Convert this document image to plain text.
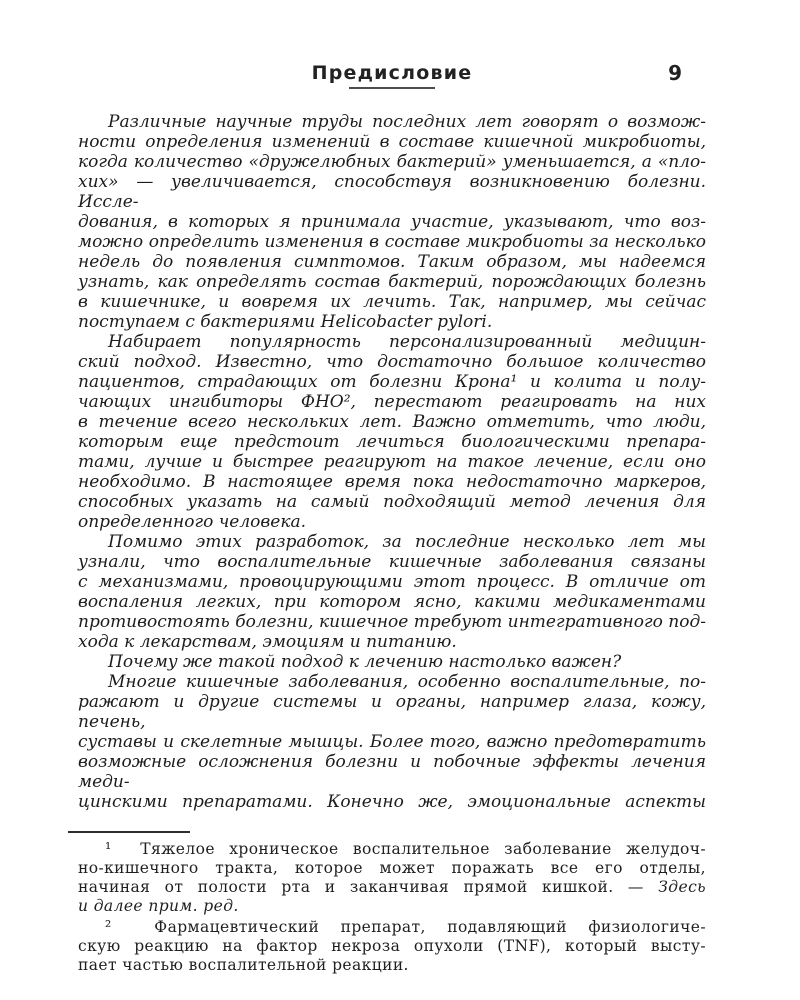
Предисловие	9
Различные научные труды последних лет говорят о возмож-
ности определения изменений в составе кишечной микробиоты,
когда количество «дружелюбных бактерий» уменьшается, а «пло-
хих» — увеличивается, способствуя возникновению болезни. Иссле-
дования, в которых я принимала участие, указывают, что воз-
можно определить изменения в составе микробиоты за несколько
недель до появления симптомов. Таким образом, мы надеемся
узнать, как определять состав бактерий, порождающих болезнь
в кишечнике, и вовремя их лечить. Так, например, мы сейчас
поступаем с бактериями Helicobacter pylori.
Набирает популярность персонализированный медицин-
ский подход. Известно, что достаточно большое количество
пациентов, страдающих от болезни Крона¹ и колита и полу-
чающих ингибиторы ФНО², перестают реагировать на них
в течение всего нескольких лет. Важно отметить, что люди,
которым еще предстоит лечиться биологическими препара-
тами, лучше и быстрее реагируют на такое лечение, если оно
необходимо. В настоящее время пока недостаточно маркеров,
способных указать на самый подходящий метод лечения для
определенного человека.
Помимо этих разработок, за последние несколько лет мы
узнали, что воспалительные кишечные заболевания связаны
с механизмами, провоцирующими этот процесс. В отличие от
воспаления легких, при котором ясно, какими медикаментами
противостоять болезни, кишечное требуют интегративного под-
хода к лекарствам, эмоциям и питанию.
Почему же такой подход к лечению настолько важен?
Многие кишечные заболевания, особенно воспалительные, по-
ражают и другие системы и органы, например глаза, кожу, печень,
суставы и скелетные мышцы. Более того, важно предотвратить
возможные осложнения болезни и побочные эффекты лечения меди-
цинскими препаратами. Конечно же, эмоциональные аспекты
¹  Тяжелое хроническое воспалительное заболевание желудоч-
но-кишечного тракта, которое может поражать все его отделы,
начиная от полости рта и заканчивая прямой кишкой. — Здесь
и далее прим. ред.
²  Фармацевтический препарат, подавляющий физиологиче-
скую реакцию на фактор некроза опухоли (TNF), который высту-
пает частью воспалительной реакции.
